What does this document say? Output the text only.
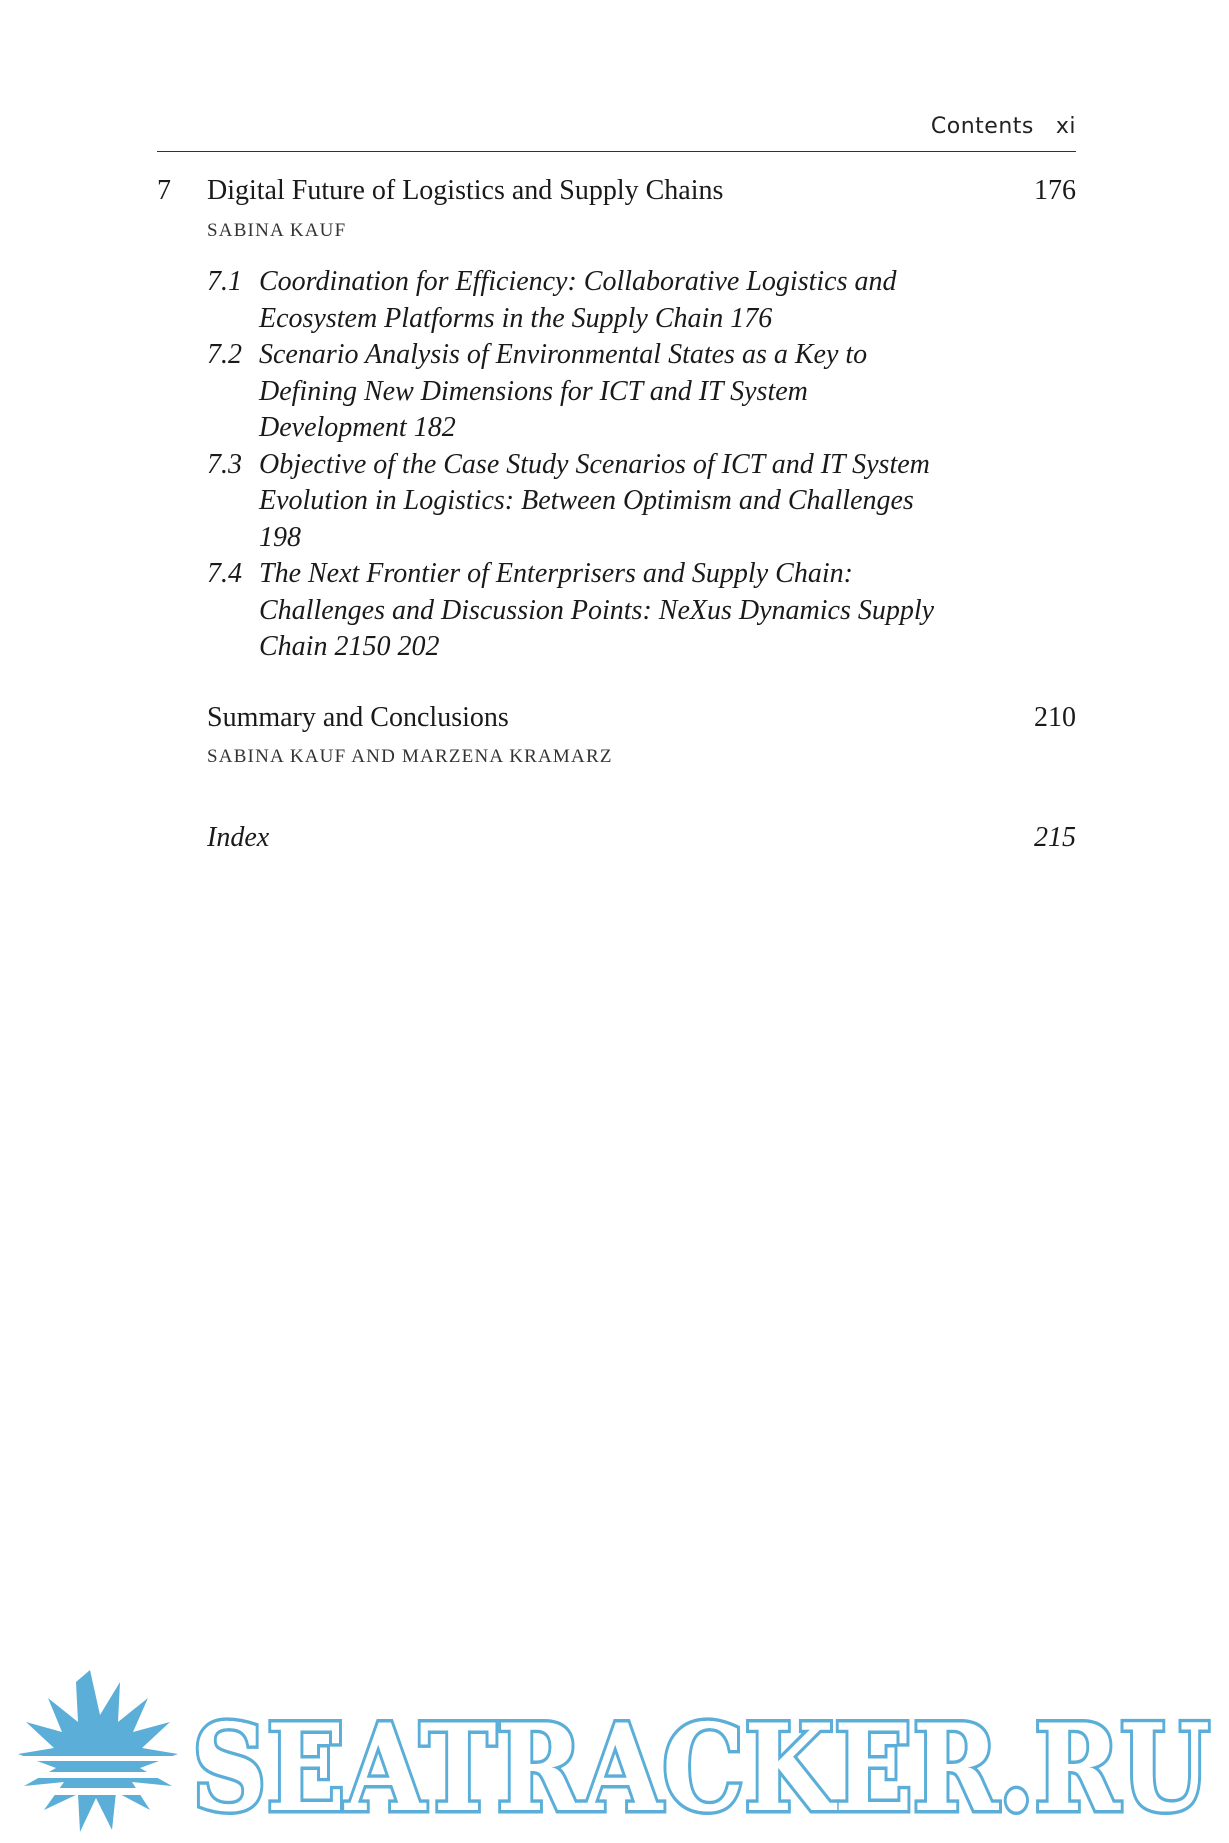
Contents xi
7 Digital Future of Logistics and Supply Chains	176
SABINA KAUF
7.1 Coordination for Efficiency: Collaborative Logistics and Ecosystem Platforms in the Supply Chain 176
7.2 Scenario Analysis of Environmental States as a Key to Defining New Dimensions for ICT and IT System Development 182
7.3 Objective of the Case Study Scenarios of ICT and IT System Evolution in Logistics: Between Optimism and Challenges 198
7.4 The Next Frontier of Enterprisers and Supply Chain: Challenges and Discussion Points: NeXus Dynamics Supply Chain 2150 202
Summary and Conclusions	210
SABINA KAUF AND MARZENA KRAMARZ
Index	215
SEATRACKER.RU
SEATRACKER.RU
